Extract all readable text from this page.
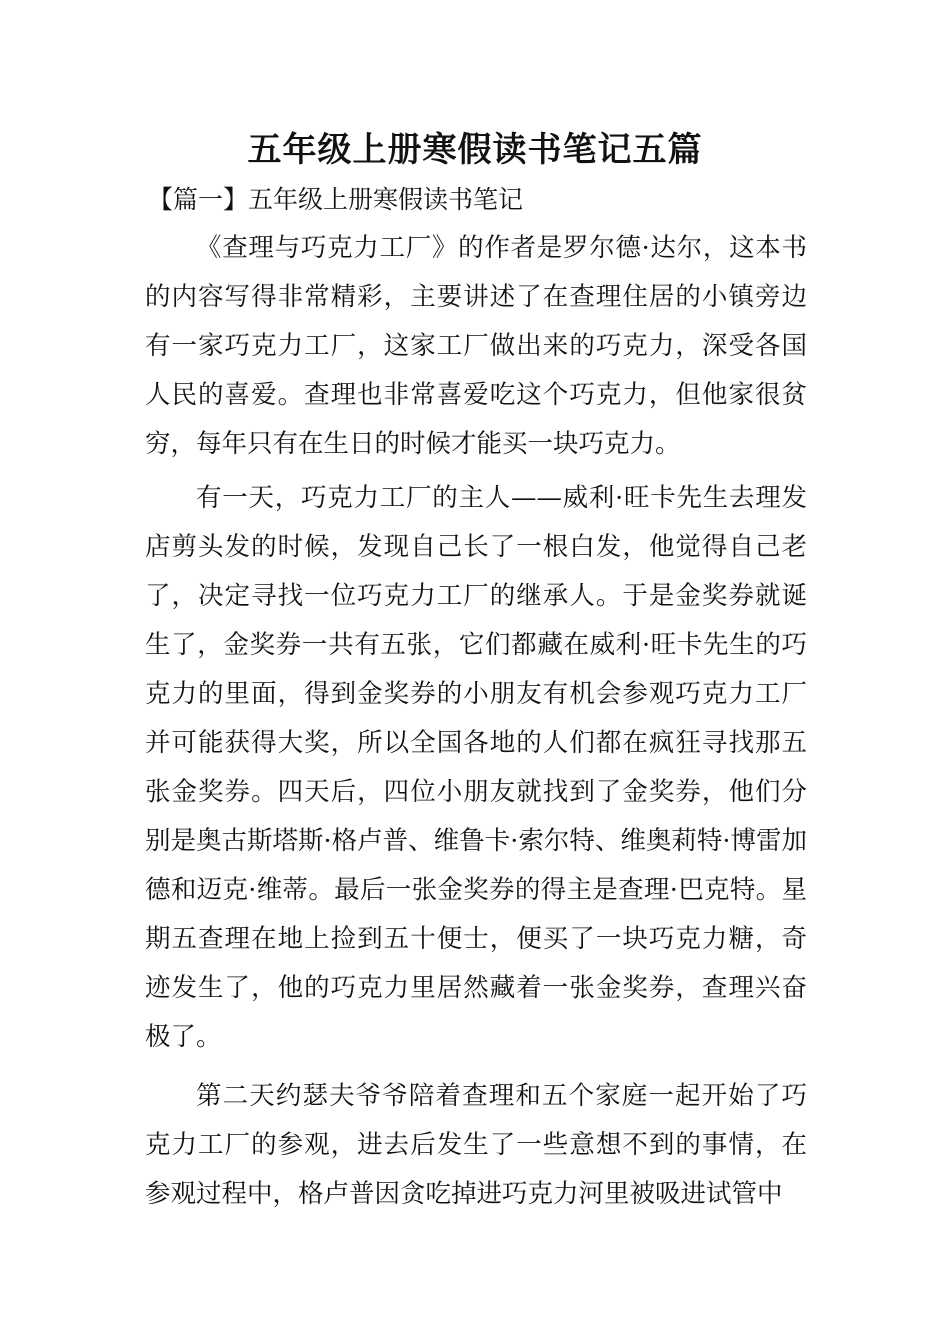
五年级上册寒假读书笔记五篇
【篇一】五年级上册寒假读书笔记

《查理与巧克力工厂》的作者是罗尔德·达尔，这本书的内容写得非常精彩，主要讲述了在查理住居的小镇旁边有一家巧克力工厂，这家工厂做出来的巧克力，深受各国人民的喜爱。查理也非常喜爱吃这个巧克力，但他家很贫穷，每年只有在生日的时候才能买一块巧克力。

有一天，巧克力工厂的主人——威利·旺卡先生去理发店剪头发的时候，发现自己长了一根白发，他觉得自己老了，决定寻找一位巧克力工厂的继承人。于是金奖券就诞生了，金奖券一共有五张，它们都藏在威利·旺卡先生的巧克力的里面，得到金奖券的小朋友有机会参观巧克力工厂并可能获得大奖，所以全国各地的人们都在疯狂寻找那五张金奖券。四天后，四位小朋友就找到了金奖券，他们分别是奥古斯塔斯·格卢普、维鲁卡·索尔特、维奥莉特·博雷加德和迈克·维蒂。最后一张金奖券的得主是查理·巴克特。星期五查理在地上捡到五十便士，便买了一块巧克力糖，奇迹发生了，他的巧克力里居然藏着一张金奖券，查理兴奋极了。

第二天约瑟夫爷爷陪着查理和五个家庭一起开始了巧克力工厂的参观，进去后发生了一些意想不到的事情，在参观过程中，格卢普因贪吃掉进巧克力河里被吸进试管中
